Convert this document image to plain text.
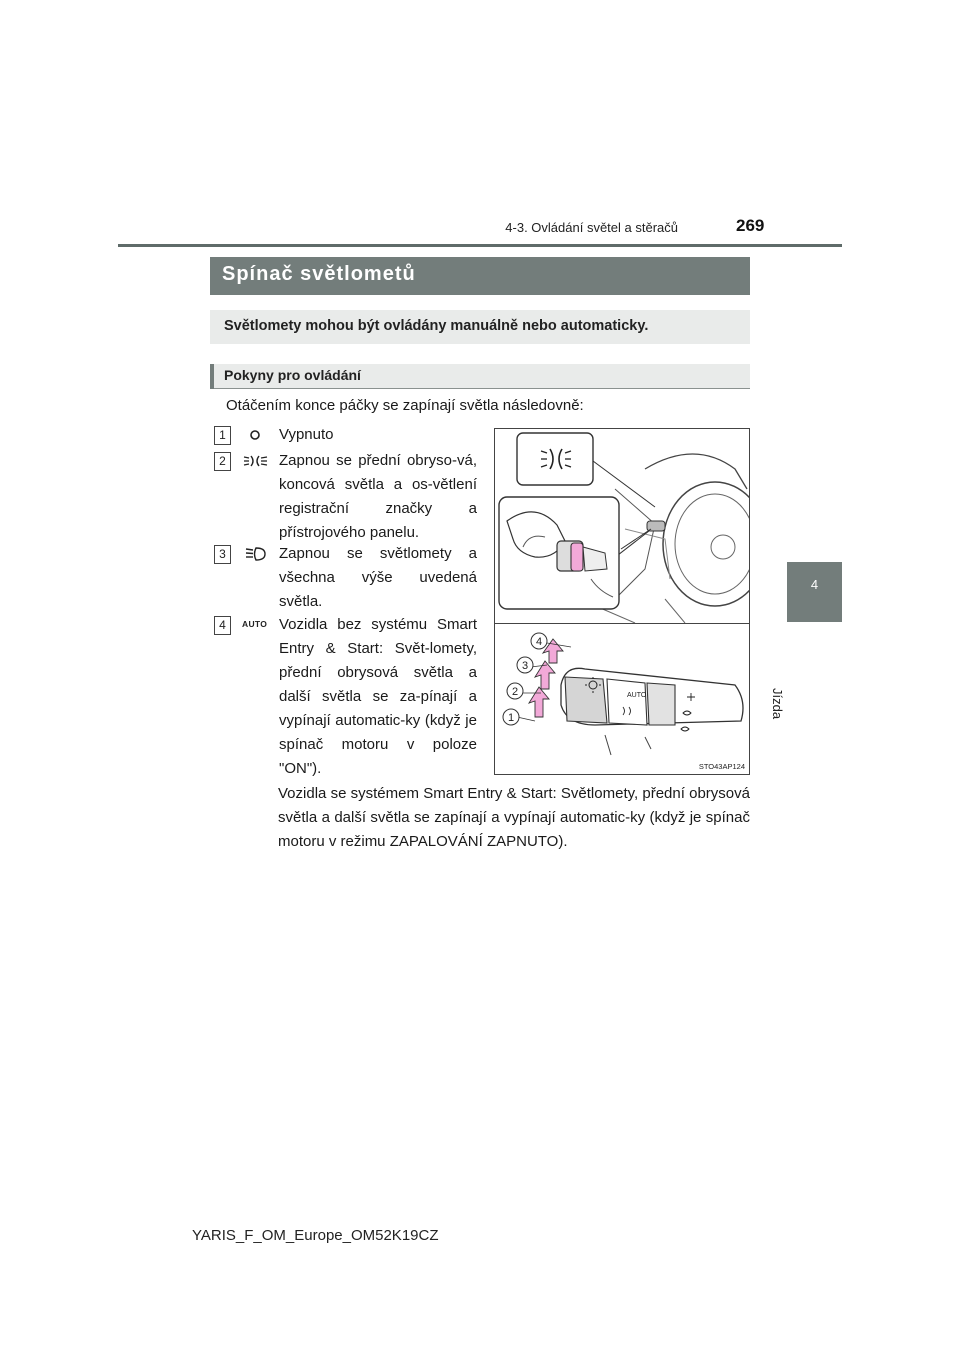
4-3. Ovládání světel a stěračů	269
4
Jízda
Spínač světlometů
Světlomety mohou být ovládány manuálně nebo automaticky.
Pokyny pro ovládání
Otáčením konce páčky se zapínají světla následovně:
1	Vypnuto
2	Zapnou se přední obryso-vá, koncová světla a os-větlení registrační značky a přístrojového panelu.
3	Zapnou se světlomety a všechna výše uvedená světla.
4	AUTO Vozidla bez systému Smart Entry & Start: Svět-lomety, přední obrysová světla a další světla se za-pínají a vypínají automatic-ky (když je spínač motoru v poloze "ON").
AUTO
1
2
3
4
STO43AP124
Vozidla se systémem Smart Entry & Start: Světlomety, přední obrysová světla a další světla se zapínají a vypínají automatic-ky (když je spínač motoru v režimu ZAPALOVÁNÍ ZAPNUTO).
YARIS_F_OM_Europe_OM52K19CZ
